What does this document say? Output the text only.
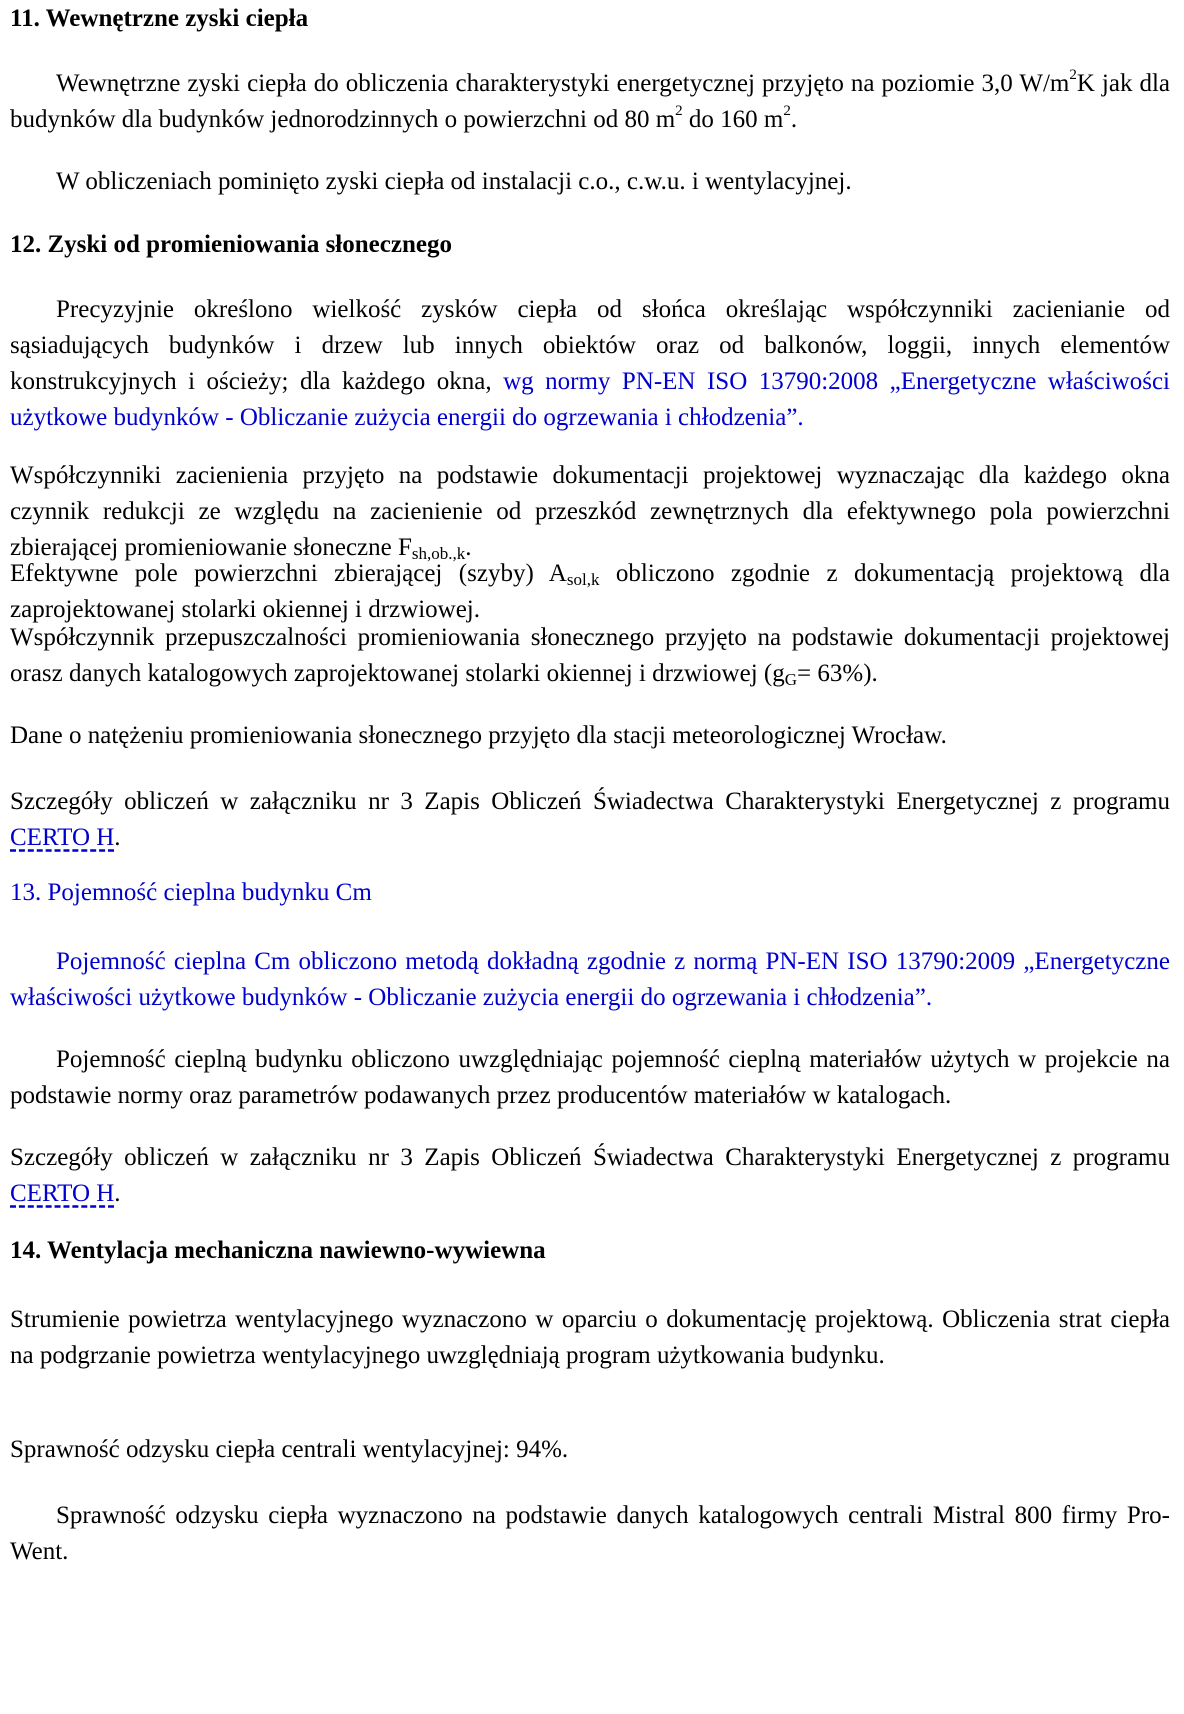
11. Wewnętrzne zyski ciepła

Wewnętrzne zyski ciepła do obliczenia charakterystyki energetycznej przyjęto na poziomie 3,0 $W/m^2K$ jak dla budynków dla budynków jednorodzinnych o powierzchni od 80 $m^2$ do 160 $m^2$.

W obliczeniach pominięto zyski ciepła od instalacji c.o., c.w.u. i wentylacyjnej.

12. Zyski od promieniowania słonecznego

Precyzyjnie określono wielkość zysków ciepła od słońca określając współczynniki zacienianie od sąsiadujących budynków i drzew lub innych obiektów oraz od balkonów, loggii, innych elementów konstrukcyjnych i ościeży; dla każdego okna, wg normy PN-EN ISO 13790:2008 „Energetyczne właściwości użytkowe budynków - Obliczanie zużycia energii do ogrzewania i chłodzenia”.

Współczynniki zacienienia przyjęto na podstawie dokumentacji projektowej wyznaczając dla każdego okna czynnik redukcji ze względu na zacienienie od przeszkód zewnętrznych dla efektywnego pola powierzchni zbierającej promieniowanie słoneczne $F_{sh,ob.,k}$.

Efektywne pole powierzchni zbierającej (szyby) $A_{sol,k}$ obliczono zgodnie z dokumentacją projektową dla zaprojektowanej stolarki okiennej i drzwiowej.

Współczynnik przepuszczalności promieniowania słonecznego przyjęto na podstawie dokumentacji projektowej orasz danych katalogowych zaprojektowanej stolarki okiennej i drzwiowej $(g_G= 63\%)$.

Dane o natężeniu promieniowania słonecznego przyjęto dla stacji meteorologicznej Wrocław.

Szczegóły obliczeń w załączniku nr 3 Zapis Obliczeń Świadectwa Charakterystyki Energetycznej z programu CERTO H.

13. Pojemność cieplna budynku Cm

Pojemność cieplna Cm obliczono metodą dokładną zgodnie z normą PN-EN ISO 13790:2009 „Energetyczne właściwości użytkowe budynków - Obliczanie zużycia energii do ogrzewania i chłodzenia”.

Pojemność cieplną budynku obliczono uwzględniając pojemność cieplną materiałów użytych w projekcie na podstawie normy oraz parametrów podawanych przez producentów materiałów w katalogach.

Szczegóły obliczeń w załączniku nr 3 Zapis Obliczeń Świadectwa Charakterystyki Energetycznej z programu CERTO H.

14. Wentylacja mechaniczna nawiewno-wywiewna

Strumienie powietrza wentylacyjnego wyznaczono w oparciu o dokumentację projektową. Obliczenia strat ciepła na podgrzanie powietrza wentylacyjnego uwzględniają program użytkowania budynku.

Sprawność odzysku ciepła centrali wentylacyjnej: 94%.

Sprawność odzysku ciepła wyznaczono na podstawie danych katalogowych centrali Mistral 800 firmy Pro-Went.
